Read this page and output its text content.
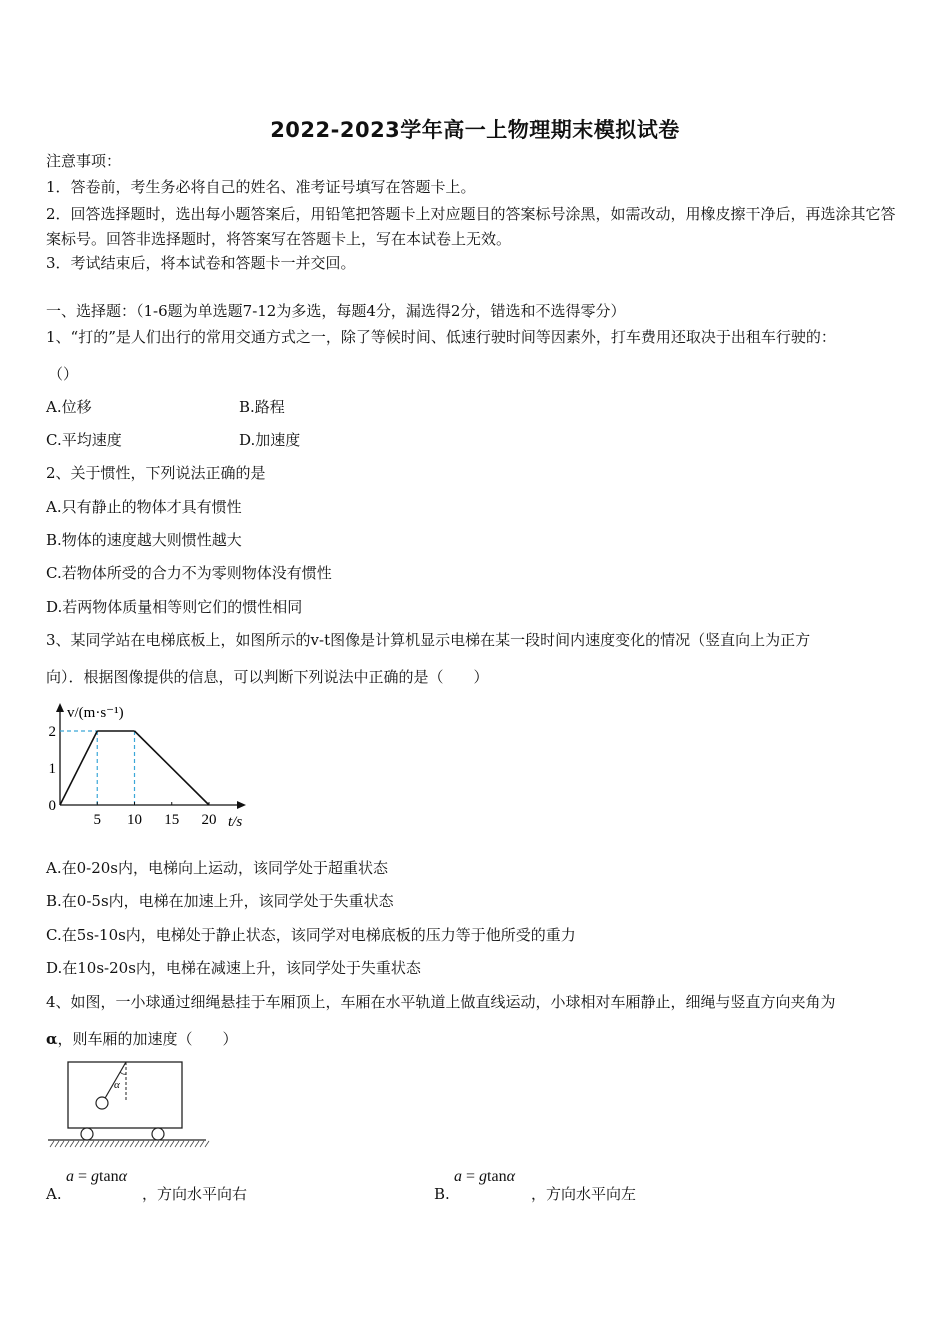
2022-2023学年高一上物理期末模拟试卷
注意事项：
1．答卷前，考生务必将自己的姓名、准考证号填写在答题卡上。
2．回答选择题时，选出每小题答案后，用铅笔把答题卡上对应题目的答案标号涂黑，如需改动，用橡皮擦干净后，再选涂其它答案标号。回答非选择题时，将答案写在答题卡上，写在本试卷上无效。
3．考试结束后，将本试卷和答题卡一并交回。
一、选择题：（1-6题为单选题7-12为多选，每题4分，漏选得2分，错选和不选得零分）
1、“打的”是人们出行的常用交通方式之一，除了等候时间、低速行驶时间等因素外，打车费用还取决于出租车行驶的：
（）
A.位移	B.路程
C.平均速度	D.加速度
2、关于惯性，下列说法正确的是
A.只有静止的物体才具有惯性
B.物体的速度越大则惯性越大
C.若物体所受的合力不为零则物体没有惯性
D.若两物体质量相等则它们的惯性相同
3、某同学站在电梯底板上，如图所示的v-t图像是计算机显示电梯在某一段时间内速度变化的情况（竖直向上为正方
向）．根据图像提供的信息，可以判断下列说法中正确的是（　　）
5 10 15 20
0
1
2
t/s
v/(m·s⁻¹)
A.在0-20s内，电梯向上运动，该同学处于超重状态
B.在0-5s内，电梯在加速上升，该同学处于失重状态
C.在5s-10s内，电梯处于静止状态，该同学对电梯底板的压力等于他所受的重力
D.在10s-20s内，电梯在减速上升，该同学处于失重状态
4、如图，一小球通过细绳悬挂于车厢顶上，车厢在水平轨道上做直线运动，小球相对车厢静止，细绳与竖直方向夹角为
α，则车厢的加速度（　　）
α
A.
a = gtanα
，方向水平向右	B.
a = gtanα
，方向水平向左
